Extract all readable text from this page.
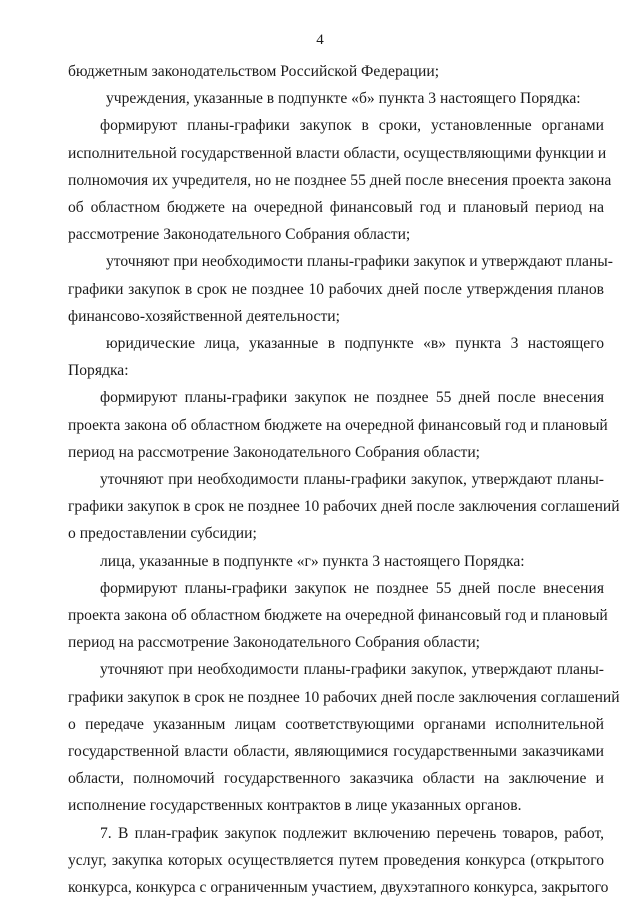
4
бюджетным законодательством Российской Федерации;
учреждения, указанные в подпункте «б» пункта 3 настоящего Порядка:
формируют планы-графики закупок в сроки, установленные органами
исполнительной государственной власти области, осуществляющими функции и
полномочия их учредителя, но не позднее 55 дней после внесения проекта закона
об областном бюджете на очередной финансовый год и плановый период на
рассмотрение Законодательного Собрания области;
уточняют при необходимости планы-графики закупок и утверждают планы-
графики закупок в срок не позднее 10 рабочих дней после утверждения планов
финансово-хозяйственной деятельности;
юридические лица, указанные в подпункте «в» пункта 3 настоящего
Порядка:
формируют планы-графики закупок не позднее 55 дней после внесения
проекта закона об областном бюджете на очередной финансовый год и плановый
период на рассмотрение Законодательного Собрания области;
уточняют при необходимости планы-графики закупок, утверждают планы-
графики закупок в срок не позднее 10 рабочих дней после заключения соглашений
о предоставлении субсидии;
лица, указанные в подпункте «г» пункта 3 настоящего Порядка:
формируют планы-графики закупок не позднее 55 дней после внесения
проекта закона об областном бюджете на очередной финансовый год и плановый
период на рассмотрение Законодательного Собрания области;
уточняют при необходимости планы-графики закупок, утверждают планы-
графики закупок в срок не позднее 10 рабочих дней после заключения соглашений
о передаче указанным лицам соответствующими органами исполнительной
государственной власти области, являющимися государственными заказчиками
области, полномочий государственного заказчика области на заключение и
исполнение государственных контрактов в лице указанных органов.
7. В план-график закупок подлежит включению перечень товаров, работ,
услуг, закупка которых осуществляется путем проведения конкурса (открытого
конкурса, конкурса с ограниченным участием, двухэтапного конкурса, закрытого
